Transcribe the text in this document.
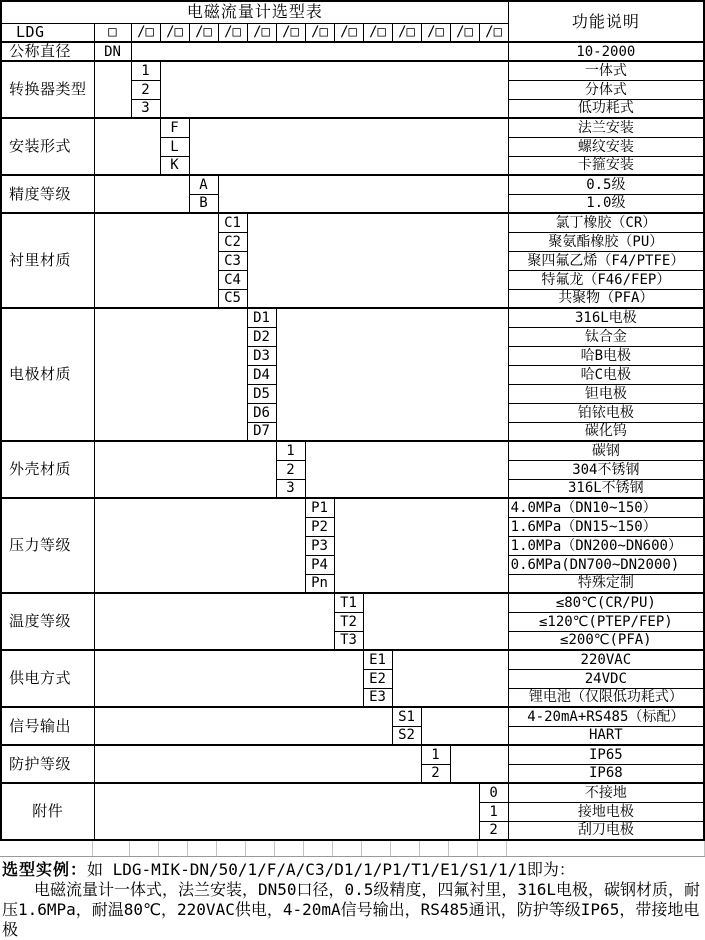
电磁流量计选型表															功能说明
LDG	□	/□	/□	/□	/□	/□	/□	/□	/□	/□	/□	/□	/□	/□	
公称直径	DN														10-2000
转换器类型		1													一体式
		2													分体式
		3													低功耗式
安装形式			F												法兰安装
			L												螺纹安装
			K												卡箍安装
精度等级				A											0.5级
				B											1.0级
衬里材质					C1										氯丁橡胶（CR）
					C2										聚氨酯橡胶（PU）
					C3										聚四氟乙烯（F4/PTFE）
					C4										特氟龙（F46/FEP）
					C5										共聚物（PFA）
电极材质						D1									316L电极
						D2									钛合金
						D3									哈B电极
						D4									哈C电极
						D5									钽电极
						D6									铂铱电极
						D7									碳化钨
外壳材质							1								碳钢
							2								304不锈钢
							3								316L不锈钢
压力等级								P1							4.0MPa（DN10~150）
								P2							1.6MPa（DN15~150）
								P3							1.0MPa（DN200~DN600）
								P4							0.6MPa(DN700~DN2000)
								Pn							特殊定制
温度等级									T1						≤80℃(CR/PU)
									T2						≤120℃(PTEP/FEP)
									T3						≤200℃(PFA)
供电方式										E1					220VAC
										E2					24VDC
										E3					锂电池（仅限低功耗式）
信号输出											S1				4-20mA+RS485（标配）
											S2				HART
防护等级												1			IP65
												2			IP68
附件														0	不接地
														1	接地电极
														2	刮刀电极
选型实例：如 LDG-MIK-DN/50/1/F/A/C3/D1/1/P1/T1/E1/S1/1/1即为：

电磁流量计一体式，法兰安装，DN50口径，0.5级精度，四氟衬里，316L电极，碳钢材质，耐压1.6MPa，耐温80℃，220VAC供电，4-20mA信号输出，RS485通讯，防护等级IP65，带接地电极
